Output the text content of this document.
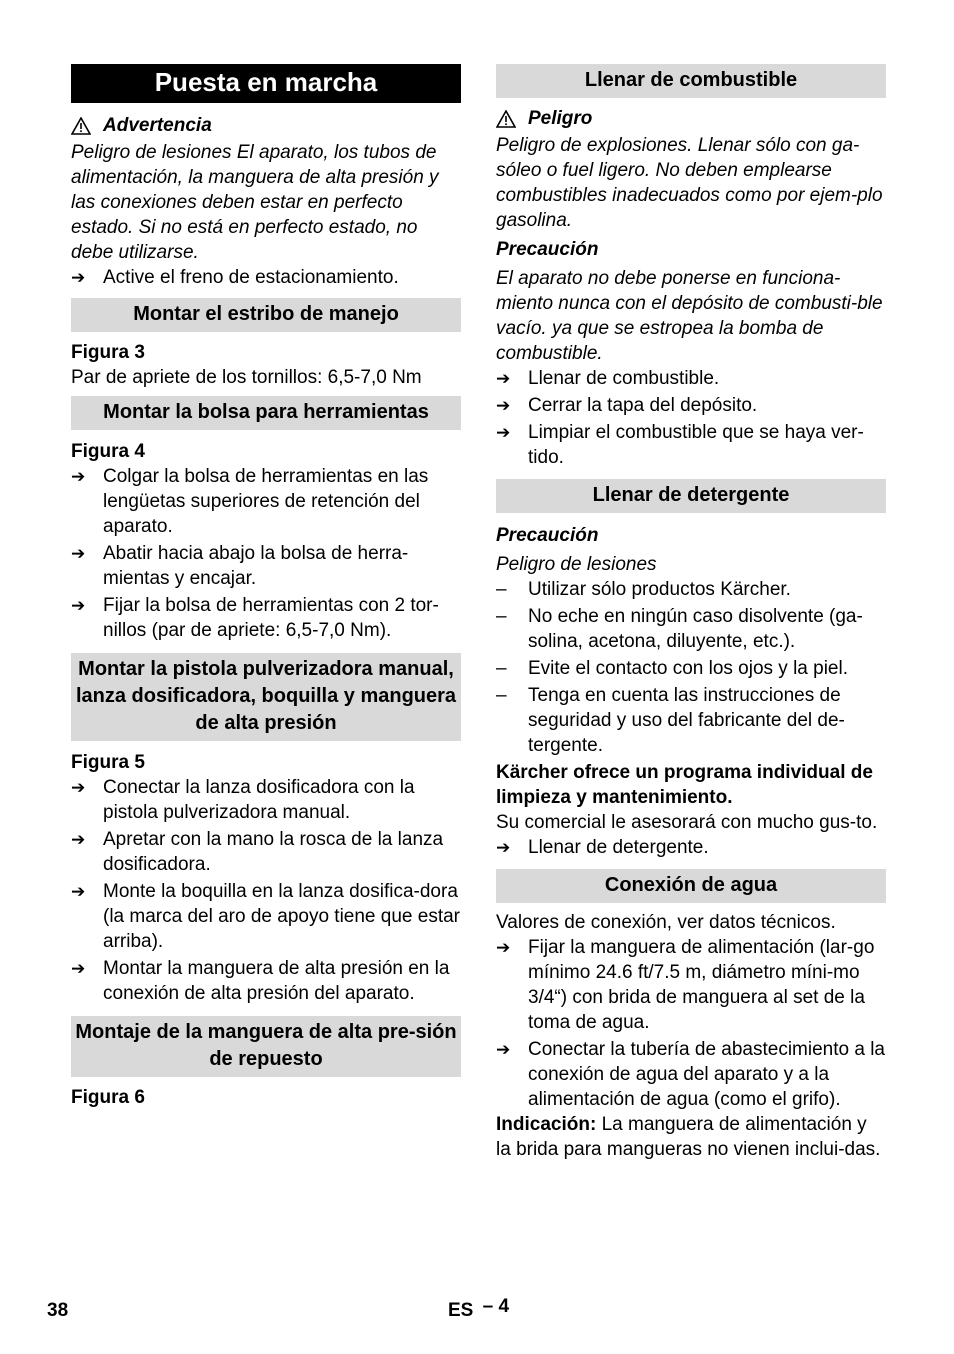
Puesta en marcha
Advertencia

Peligro de lesiones El aparato, los tubos de alimentación, la manguera de alta presión y las conexiones deben estar en perfecto estado. Si no está en perfecto estado, no debe utilizarse.

➔ Active el freno de estacionamiento.
Montar el estribo de manejo

Figura 3

Par de apriete de los tornillos: 6,5-7,0 Nm

Montar la bolsa para herramientas

Figura 4

➔ Colgar la bolsa de herramientas en las lengüetas superiores de retención del aparato.
➔ Abatir hacia abajo la bolsa de herra-mientas y encajar.
➔ Fijar la bolsa de herramientas con 2 tor-nillos (par de apriete: 6,5-7,0 Nm).
Montar la pistola pulverizadora manual, lanza dosificadora, boquilla y manguera de alta presión

Figura 5

➔ Conectar la lanza dosificadora con la pistola pulverizadora manual.
➔ Apretar con la mano la rosca de la lanza dosificadora.
➔ Monte la boquilla en la lanza dosifica-dora (la marca del aro de apoyo tiene que estar arriba).
➔ Montar la manguera de alta presión en la conexión de alta presión del aparato.
Montaje de la manguera de alta pre-sión de repuesto

Figura 6

Llenar de combustible
Peligro

Peligro de explosiones. Llenar sólo con ga-sóleo o fuel ligero. No deben emplearse combustibles inadecuados como por ejem-plo gasolina.

Precaución

El aparato no debe ponerse en funciona-miento nunca con el depósito de combusti-ble vacío. ya que se estropea la bomba de combustible.

➔ Llenar de combustible.
➔ Cerrar la tapa del depósito.
➔ Limpiar el combustible que se haya ver-tido.
Llenar de detergente

Precaución

Peligro de lesiones

–	Utilizar sólo productos Kärcher.
–	No eche en ningún caso disolvente (ga-solina, acetona, diluyente, etc.).
–	Evite el contacto con los ojos y la piel.
–	Tenga en cuenta las instrucciones de seguridad y uso del fabricante del de-tergente.

Kärcher ofrece un programa individual de limpieza y mantenimiento.

Su comercial le asesorará con mucho gus-to.

➔ Llenar de detergente.
Conexión de agua

Valores de conexión, ver datos técnicos.

➔ Fijar la manguera de alimentación (lar-go mínimo 24.6 ft/7.5 m, diámetro míni-mo 3/4“) con brida de manguera al set de la toma de agua.
➔ Conectar la tubería de abastecimiento a la conexión de agua del aparato y a la alimentación de agua (como el grifo).

Indicación: La manguera de alimentación y la brida para mangueras no vienen inclui-das.

38	ES – 4
